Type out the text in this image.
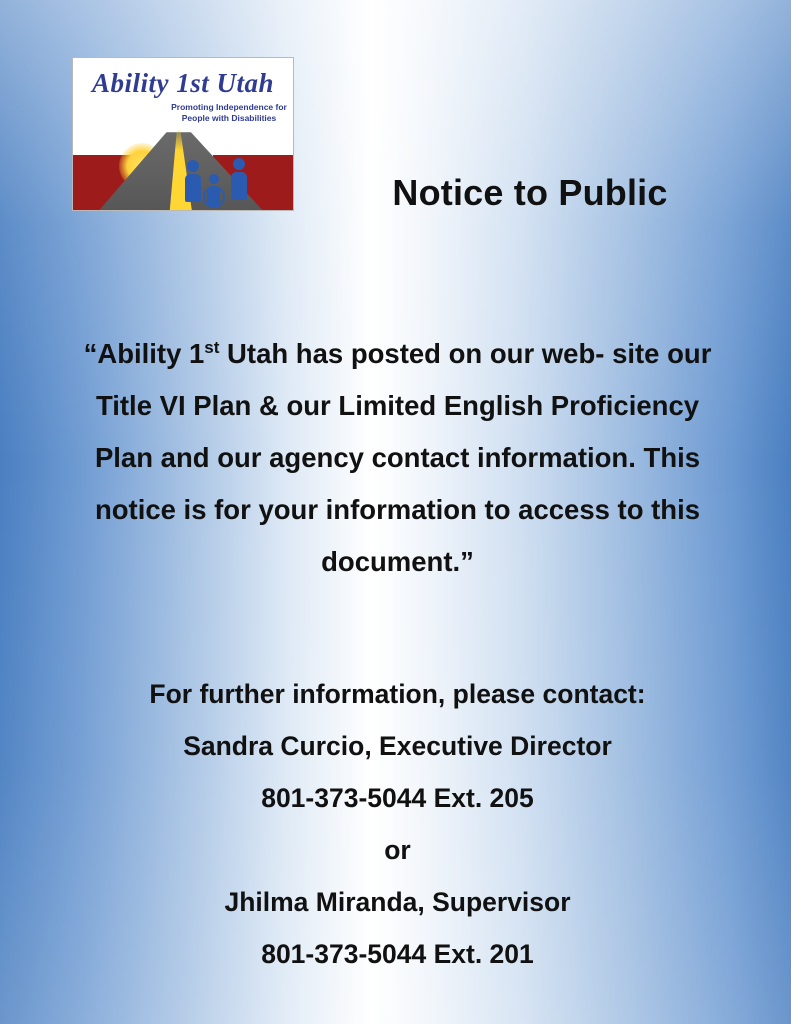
Ability 1st Utah
Promoting Independence for
People with Disabilities
Notice to Public
“Ability 1st Utah has posted on our web- site our Title VI Plan & our Limited English Proficiency Plan and our agency contact information. This notice is for your information to access to this document.”
For further information, please contact:
Sandra Curcio, Executive Director
801-373-5044 Ext. 205
or
Jhilma Miranda, Supervisor
801-373-5044 Ext. 201
